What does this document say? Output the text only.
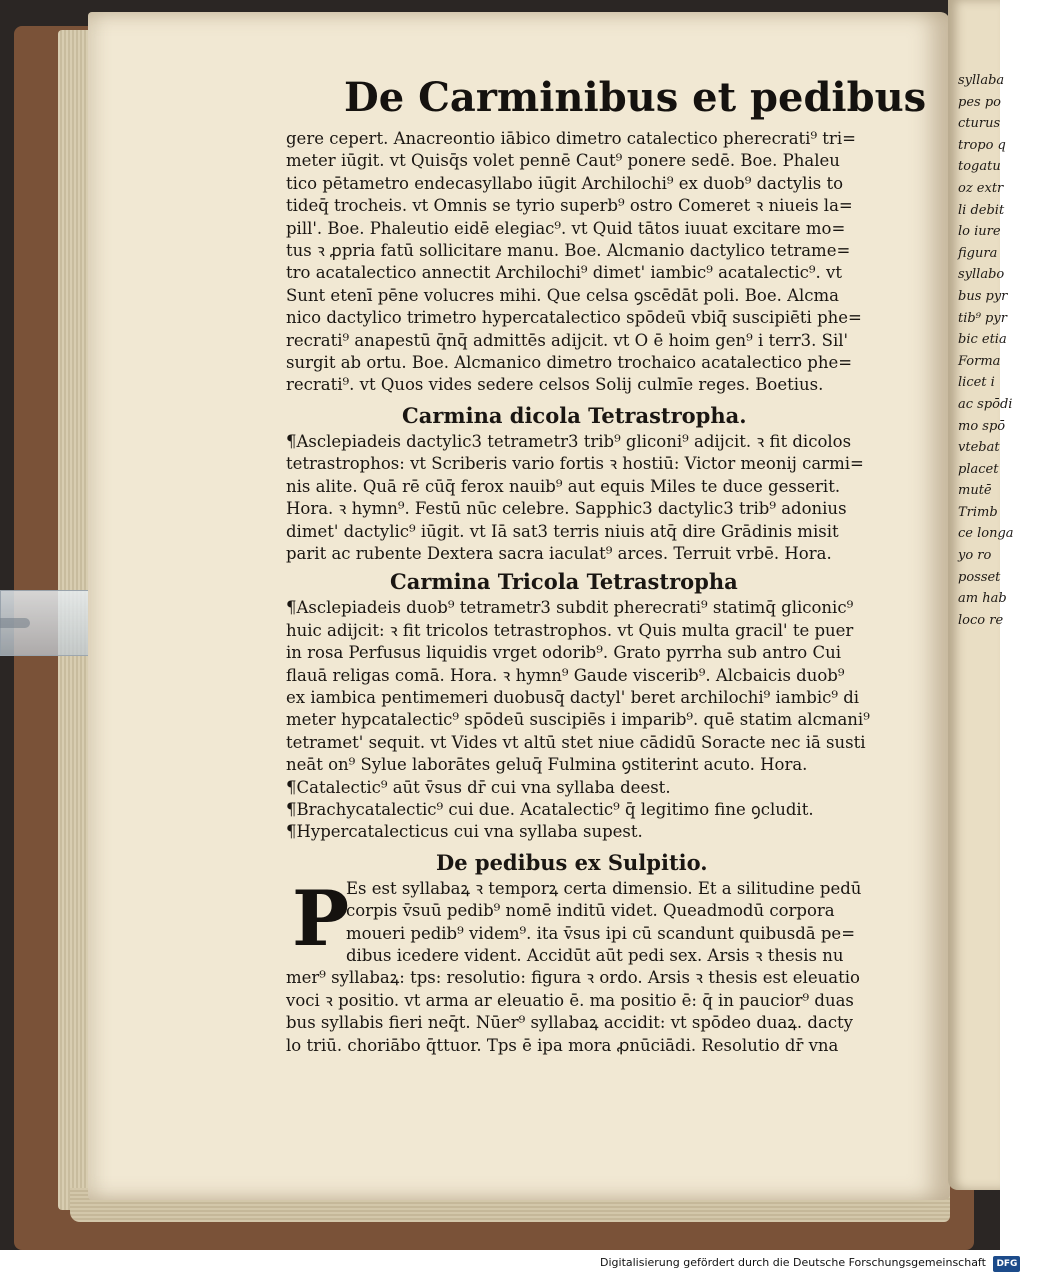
syllaba
pes po
cturus
tropo q
togatu
oz extr
li debit
lo iure
figura
syllabo
bus pyr
tib⁹ pyr
bic etia
Forma
licet i
ac spōdi
mo spō
vtebat
placet
mutē
Trimb
ce longa
yo ro
posset
am hab
loco re
De Carminibus et pedibus
gere cepert. Anacreontio iābico dimetro catalectico pherecrati⁹ tri=
meter iūgit. vt Quisq̄s volet pennē Caut⁹ ponere sedē. Boe. Phaleu
tico pētametro endecasyllabo iūgit Archilochi⁹ ex duob⁹ dactylis to
tideq̄ trocheis. vt Omnis se tyrio superb⁹ ostro Comeret ꝛ niueis la=
pill'. Boe. Phaleutio eidē elegiac⁹. vt Quid tātos iuuat excitare mo=
tus ꝛ ꝓpria fatū sollicitare manu. Boe. Alcmanio dactylico tetrame=
tro acatalectico annectit Archilochi⁹ dimet' iambic⁹ acatalectic⁹. vt
Sunt etenī pēne volucres mihi. Que celsa ꝯscēdāt poli. Boe. Alcma
nico dactylico trimetro hypercatalectico spōdeū vbiq̄ suscipiēti phe=
recrati⁹ anapestū q̄nq̄ admittēs adijcit. vt O ē hoim gen⁹ i terr3. Sil'
surgit ab ortu. Boe. Alcmanico dimetro trochaico acatalectico phe=
recrati⁹. vt Quos vides sedere celsos Solij culmīe reges. Boetius.
Carmina dicola Tetrastropha.
¶Asclepiadeis dactylic3 tetrametr3 trib⁹ gliconi⁹ adijcit. ꝛ fit dicolos
tetrastrophos: vt Scriberis vario fortis ꝛ hostiū: Victor meonij carmi=
nis alite. Quā rē cūq̄ ferox nauib⁹ aut equis Miles te duce gesserit.
Hora. ꝛ hymn⁹. Festū nūc celebre. Sapphic3 dactylic3 trib⁹ adonius
dimet' dactylic⁹ iūgit. vt Iā sat3 terris niuis atq̄ dire Grādinis misit
parit ac rubente Dextera sacra iaculat⁹ arces. Terruit vrbē. Hora.
Carmina Tricola Tetrastropha
¶Asclepiadeis duob⁹ tetrametr3 subdit pherecrati⁹ statimq̄ gliconic⁹
huic adijcit: ꝛ fit tricolos tetrastrophos. vt Quis multa gracil' te puer
in rosa Perfusus liquidis vrget odorib⁹. Grato pyrrha sub antro Cui
flauā religas comā. Hora. ꝛ hymn⁹ Gaude viscerib⁹. Alcbaicis duob⁹
ex iambica pentimemeri duobusq̄ dactyl' beret archilochi⁹ iambic⁹ di
meter hypcatalectic⁹ spōdeū suscipiēs i imparib⁹. quē statim alcmani⁹
tetramet' sequit. vt Vides vt altū stet niue cādidū Soracte nec iā susti
neāt on⁹ Sylue laborātes geluq̄ Fulmina ꝯstiterint acuto. Hora.
¶Catalectic⁹ aūt v̄sus dr̄ cui vna syllaba deest.
¶Brachycatalectic⁹ cui due. Acatalectic⁹ q̄ legitimo fine ꝯcludit.
¶Hypercatalecticus cui vna syllaba supest.
De pedibus ex Sulpitio.
P
Es est syllabaꝝ ꝛ temporꝝ certa dimensio. Et a silitudine pedū
corpis v̄suū pedib⁹ nomē inditū videt. Queadmodū corpora
moueri pedib⁹ videm⁹. ita v̄sus ipi cū scandunt quibusdā pe=
dibus icedere vident. Accidūt aūt pedi sex. Arsis ꝛ thesis nu
mer⁹ syllabaꝝ: tps: resolutio: figura ꝛ ordo. Arsis ꝛ thesis est eleuatio
voci ꝛ positio. vt arma ar eleuatio ē. ma positio ē: q̄ in paucior⁹ duas
bus syllabis fieri neq̄t. Nūer⁹ syllabaꝝ accidit: vt spōdeo duaꝝ. dacty
lo triū. choriābo q̄ttuor. Tps ē ipa mora ꝓnūciādi. Resolutio dr̄ vna
Digitalisierung gefördert durch die Deutsche Forschungsgemeinschaft DFG
